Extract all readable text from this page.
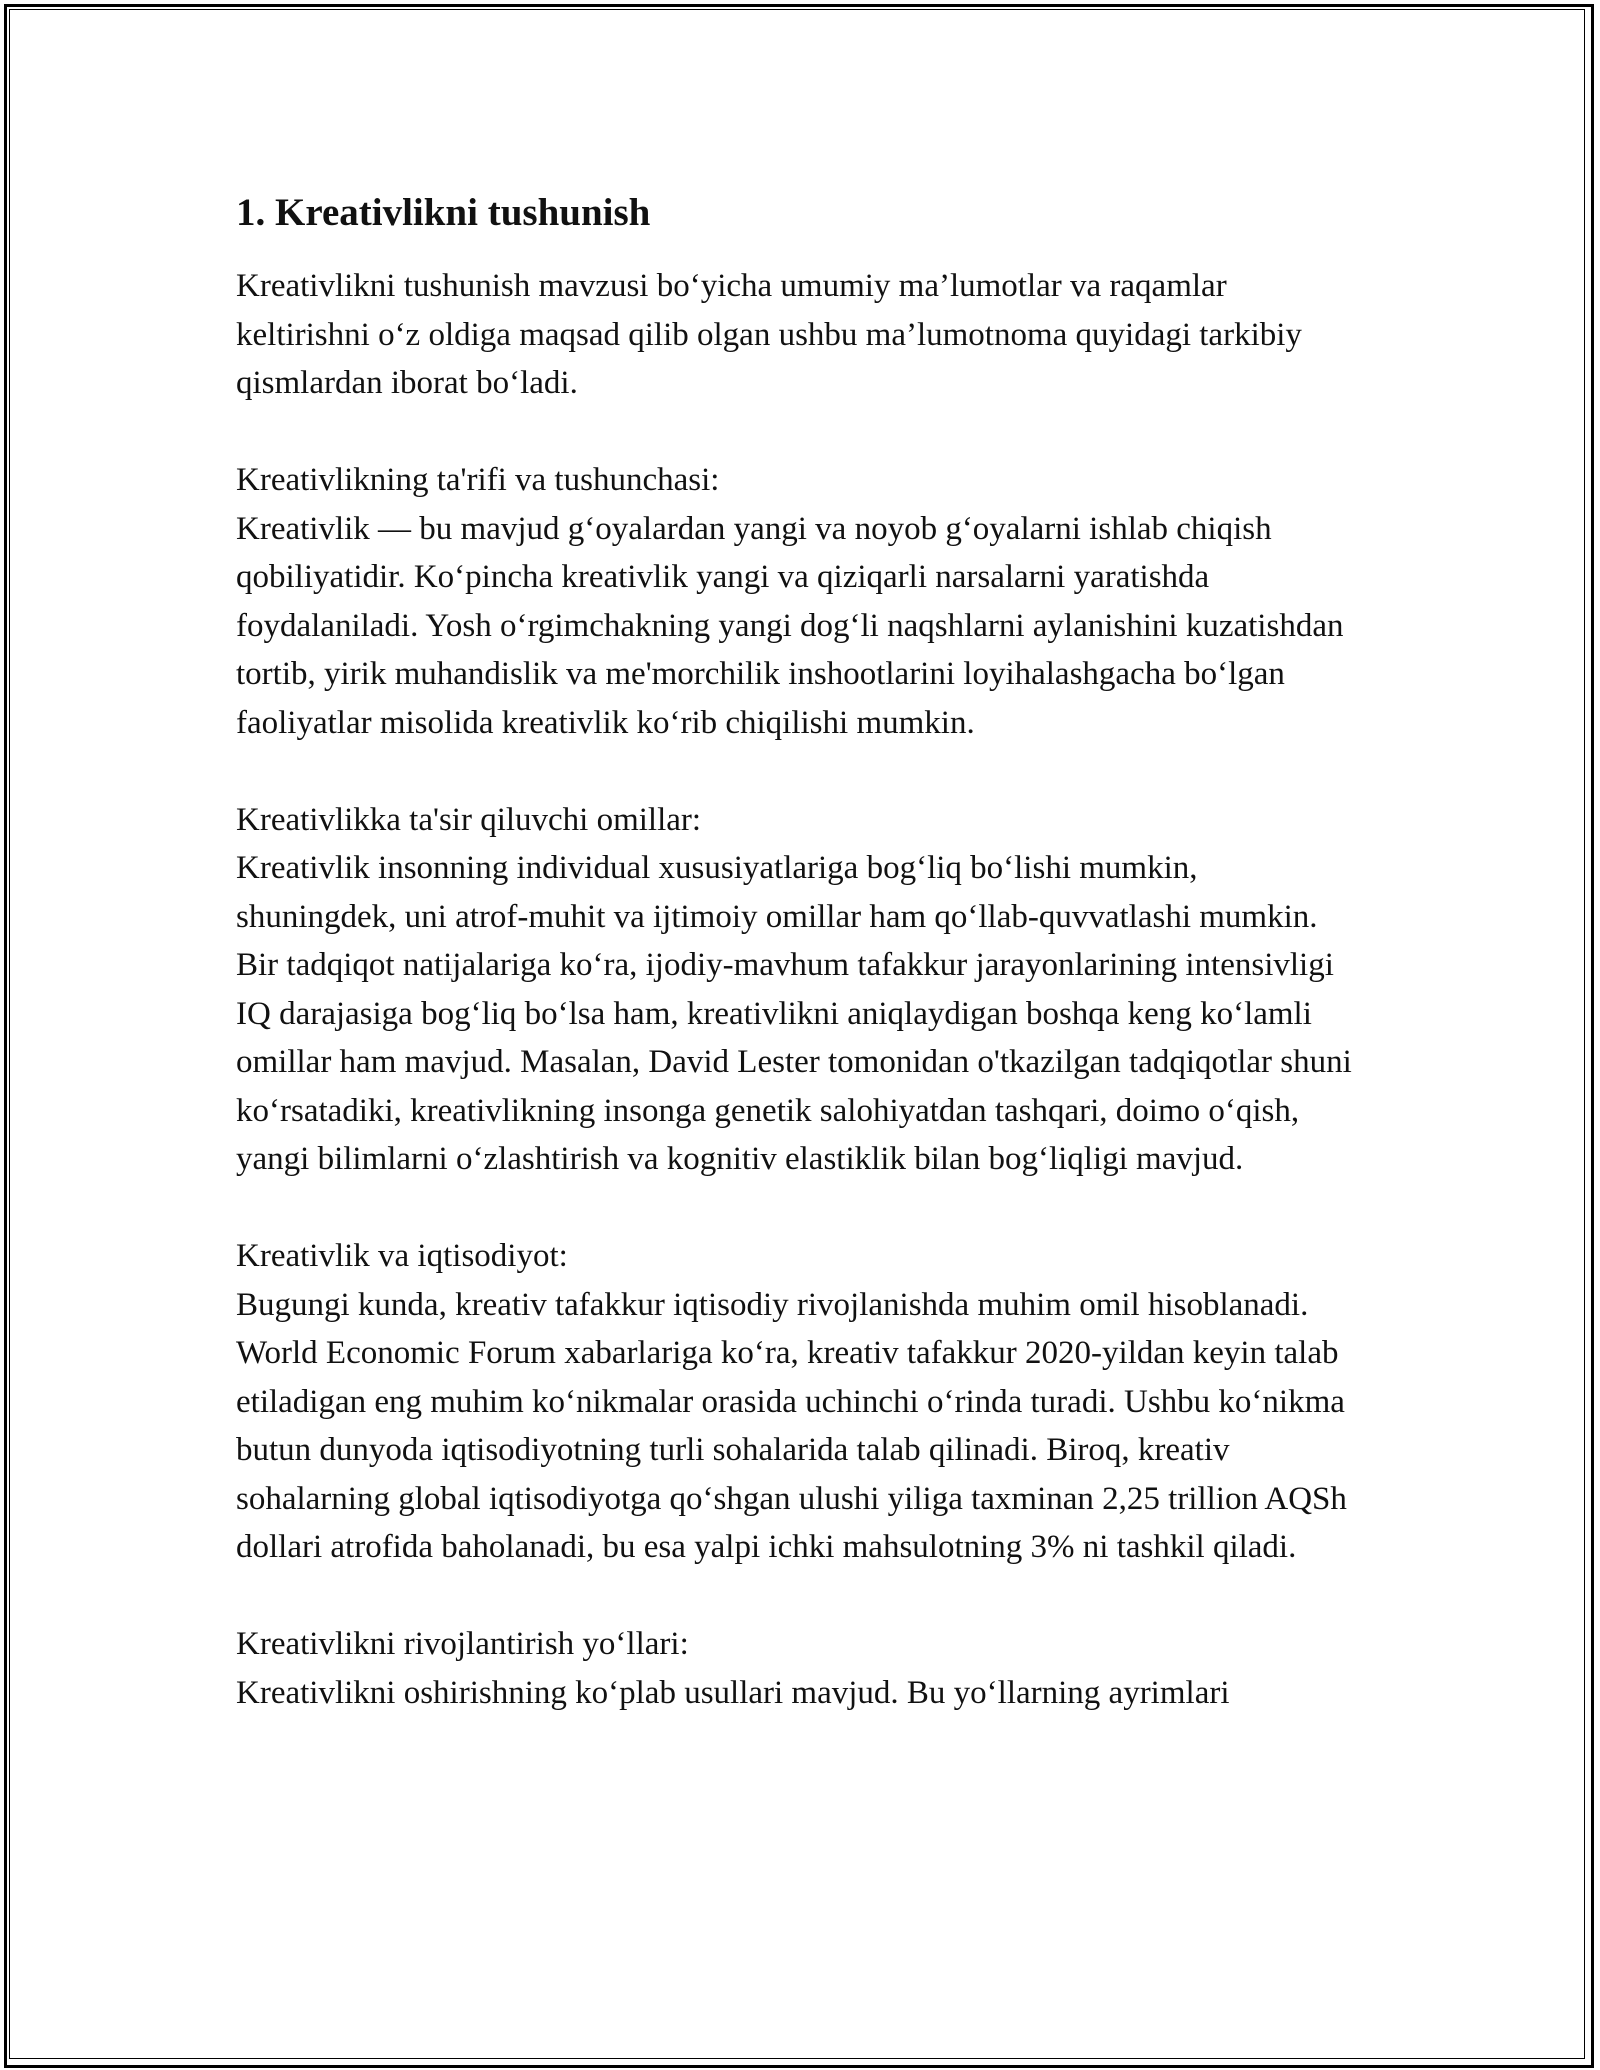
1. Kreativlikni tushunish

Kreativlikni tushunish mavzusi bo‘yicha umumiy ma’lumotlar va raqamlar keltirishni o‘z oldiga maqsad qilib olgan ushbu ma’lumotnoma quyidagi tarkibiy qismlardan iborat bo‘ladi.

Kreativlikning ta'rifi va tushunchasi:
Kreativlik — bu mavjud g‘oyalardan yangi va noyob g‘oyalarni ishlab chiqish qobiliyatidir. Ko‘pincha kreativlik yangi va qiziqarli narsalarni yaratishda foydalaniladi. Yosh o‘rgimchakning yangi dog‘li naqshlarni aylanishini kuzatishdan tortib, yirik muhandislik va me'morchilik inshootlarini loyihalashgacha bo‘lgan faoliyatlar misolida kreativlik ko‘rib chiqilishi mumkin.

Kreativlikka ta'sir qiluvchi omillar:
Kreativlik insonning individual xususiyatlariga bog‘liq bo‘lishi mumkin, shuningdek, uni atrof-muhit va ijtimoiy omillar ham qo‘llab-quvvatlashi mumkin. Bir tadqiqot natijalariga ko‘ra, ijodiy-mavhum tafakkur jarayonlarining intensivligi IQ darajasiga bog‘liq bo‘lsa ham, kreativlikni aniqlaydigan boshqa keng ko‘lamli omillar ham mavjud. Masalan, David Lester tomonidan o'tkazilgan tadqiqotlar shuni ko‘rsatadiki, kreativlikning insonga genetik salohiyatdan tashqari, doimo o‘qish, yangi bilimlarni o‘zlashtirish va kognitiv elastiklik bilan bog‘liqligi mavjud.

Kreativlik va iqtisodiyot:
Bugungi kunda, kreativ tafakkur iqtisodiy rivojlanishda muhim omil hisoblanadi. World Economic Forum xabarlariga ko‘ra, kreativ tafakkur 2020-yildan keyin talab etiladigan eng muhim ko‘nikmalar orasida uchinchi o‘rinda turadi. Ushbu ko‘nikma butun dunyoda iqtisodiyotning turli sohalarida talab qilinadi. Biroq, kreativ sohalarning global iqtisodiyotga qo‘shgan ulushi yiliga taxminan 2,25 trillion AQSh dollari atrofida baholanadi, bu esa yalpi ichki mahsulotning 3% ni tashkil qiladi.

Kreativlikni rivojlantirish yo‘llari:
Kreativlikni oshirishning ko‘plab usullari mavjud. Bu yo‘llarning ayrimlari
